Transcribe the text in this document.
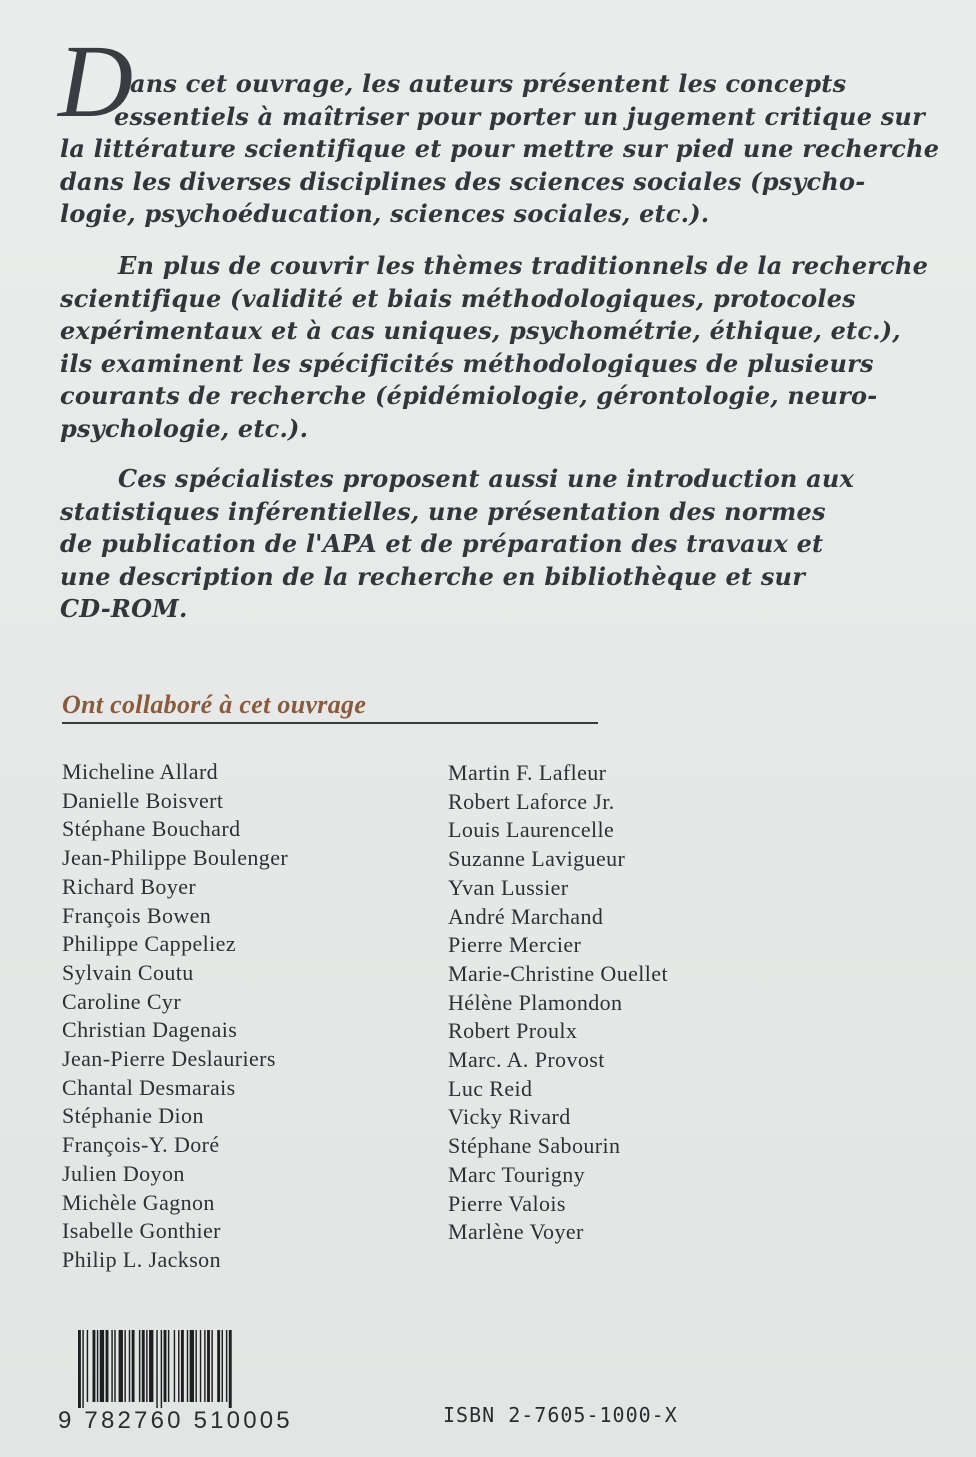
D

ans cet ouvrage, les auteurs présentent les concepts
essentiels à maîtriser pour porter un jugement critique sur
la littérature scientifique et pour mettre sur pied une recherche
dans les diverses disciplines des sciences sociales (psycho-
logie, psychoéducation, sciences sociales, etc.).

En plus de couvrir les thèmes traditionnels de la recherche
scientifique (validité et biais méthodologiques, protocoles
expérimentaux et à cas uniques, psychométrie, éthique, etc.),
ils examinent les spécificités méthodologiques de plusieurs
courants de recherche (épidémiologie, gérontologie, neuro-
psychologie, etc.).

Ces spécialistes proposent aussi une introduction aux
statistiques inférentielles, une présentation des normes
de publication de l'APA et de préparation des travaux et
une description de la recherche en bibliothèque et sur
CD-ROM.

Ont collaboré à cet ouvrage
Micheline Allard
Danielle Boisvert
Stéphane Bouchard
Jean-Philippe Boulenger
Richard Boyer
François Bowen
Philippe Cappeliez
Sylvain Coutu
Caroline Cyr
Christian Dagenais
Jean-Pierre Deslauriers
Chantal Desmarais
Stéphanie Dion
François-Y. Doré
Julien Doyon
Michèle Gagnon
Isabelle Gonthier
Philip L. Jackson
Martin F. Lafleur
Robert Laforce Jr.
Louis Laurencelle
Suzanne Lavigueur
Yvan Lussier
André Marchand
Pierre Mercier
Marie-Christine Ouellet
Hélène Plamondon
Robert Proulx
Marc. A. Provost
Luc Reid
Vicky Rivard
Stéphane Sabourin
Marc Tourigny
Pierre Valois
Marlène Voyer
9 782760 510005	ISBN 2-7605-1000-X
